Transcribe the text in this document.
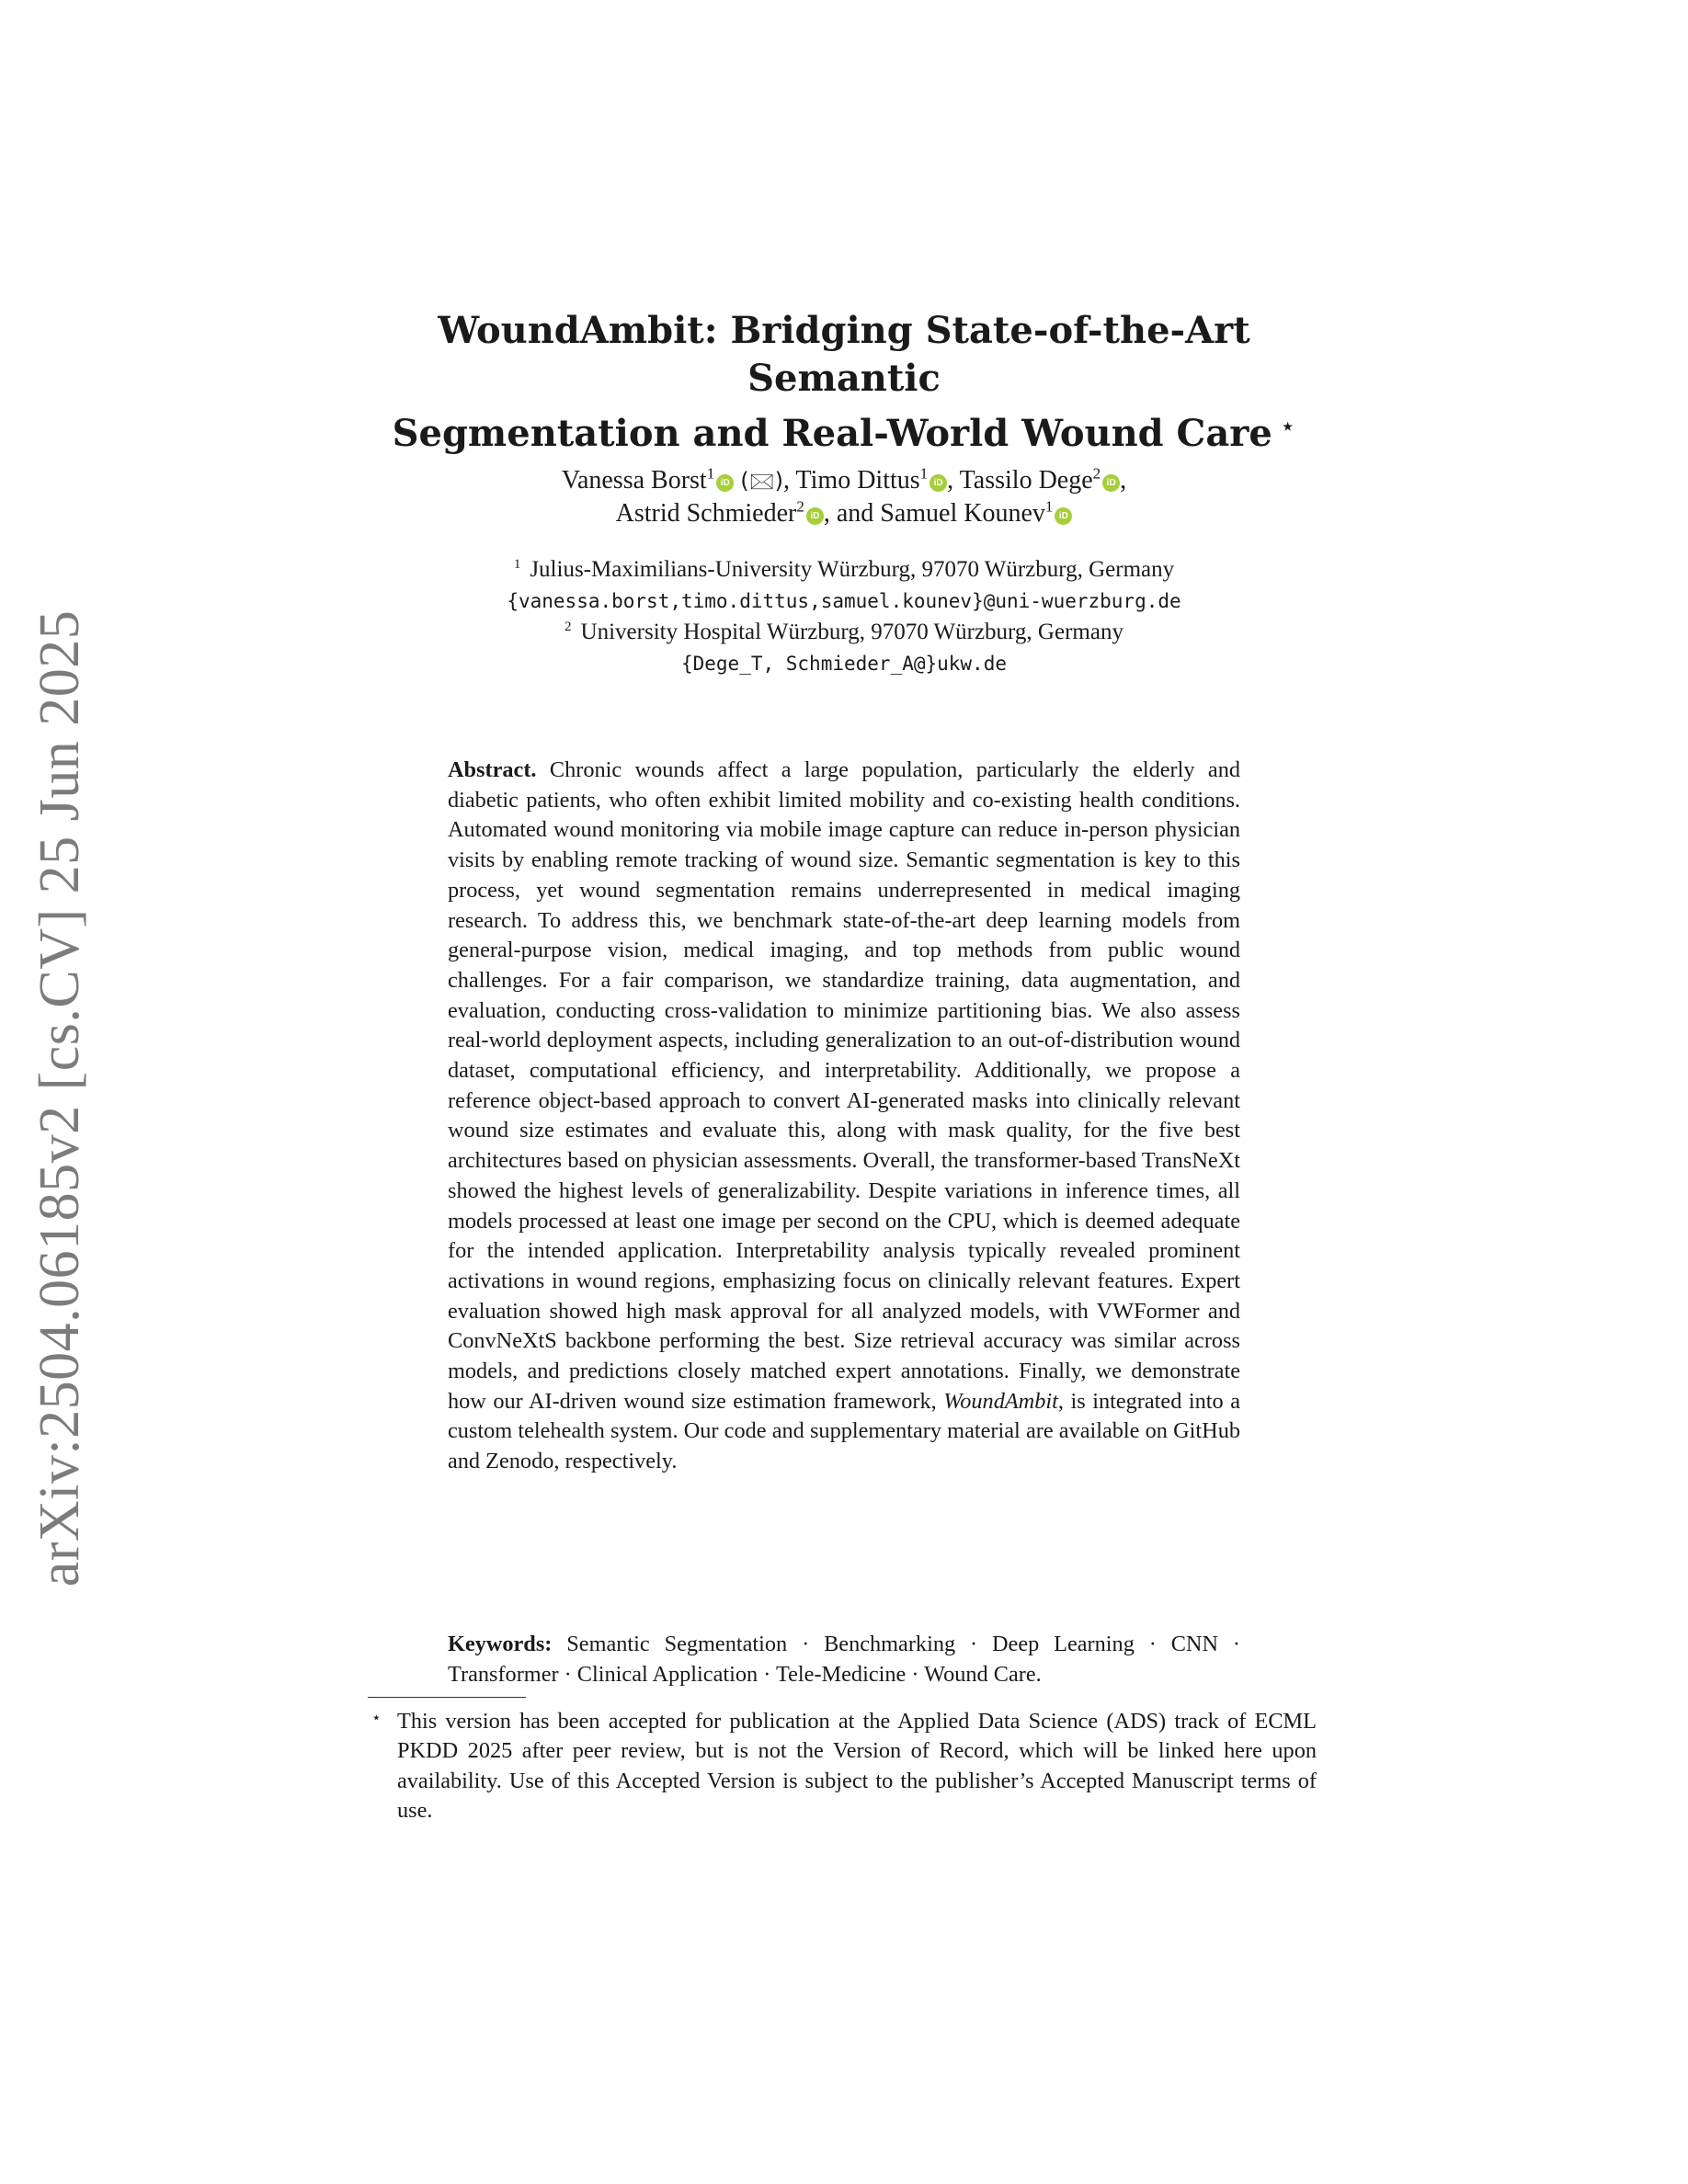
arXiv:2504.06185v2 [cs.CV] 25 Jun 2025
WoundAmbit: Bridging State-of-the-Art Semantic
Segmentation and Real-World Wound Care ⋆
Vanessa Borst$^1$iD (🖂), Timo Dittus$^1$iD , Tassilo Dege$^2$iD ,
Astrid Schmieder$^2$iD , and Samuel Kounev$^1$iD
$^1$ Julius-Maximilians-University Würzburg, 97070 Würzburg, Germany
{vanessa.borst,timo.dittus,samuel.kounev}@uni-wuerzburg.de
$^2$ University Hospital Würzburg, 97070 Würzburg, Germany
{Dege_T, Schmieder_A@}ukw.de
Abstract. Chronic wounds affect a large population, particularly the elderly and diabetic patients, who often exhibit limited mobility and co-existing health conditions. Automated wound monitoring via mobile image capture can reduce in-person physician visits by enabling remote tracking of wound size. Semantic segmentation is key to this process, yet wound segmentation remains underrepresented in medical imaging research. To address this, we benchmark state-of-the-art deep learning models from general-purpose vision, medical imaging, and top methods from public wound challenges. For a fair comparison, we standardize training, data augmentation, and evaluation, conducting cross-validation to minimize partitioning bias. We also assess real-world deployment aspects, including generalization to an out-of-distribution wound dataset, computational efficiency, and interpretability. Additionally, we propose a reference object-based approach to convert AI-generated masks into clinically relevant wound size estimates and evaluate this, along with mask quality, for the five best architectures based on physician assessments. Overall, the transformer-based TransNeXt showed the highest levels of generalizability. Despite variations in inference times, all models processed at least one image per second on the CPU, which is deemed adequate for the intended application. Interpretability analysis typically revealed prominent activations in wound regions, emphasizing focus on clinically relevant features. Expert evaluation showed high mask approval for all analyzed models, with VWFormer and ConvNeXtS backbone performing the best. Size retrieval accuracy was similar across models, and predictions closely matched expert annotations. Finally, we demonstrate how our AI-driven wound size estimation framework, WoundAmbit, is integrated into a custom telehealth system. Our code and supplementary material are available on GitHub and Zenodo, respectively.
Keywords: Semantic Segmentation · Benchmarking · Deep Learning · CNN · Transformer · Clinical Application · Tele-Medicine · Wound Care.
⋆ This version has been accepted for publication at the Applied Data Science (ADS) track of ECML PKDD 2025 after peer review, but is not the Version of Record, which will be linked here upon availability. Use of this Accepted Version is subject to the publisher’s Accepted Manuscript terms of use.
